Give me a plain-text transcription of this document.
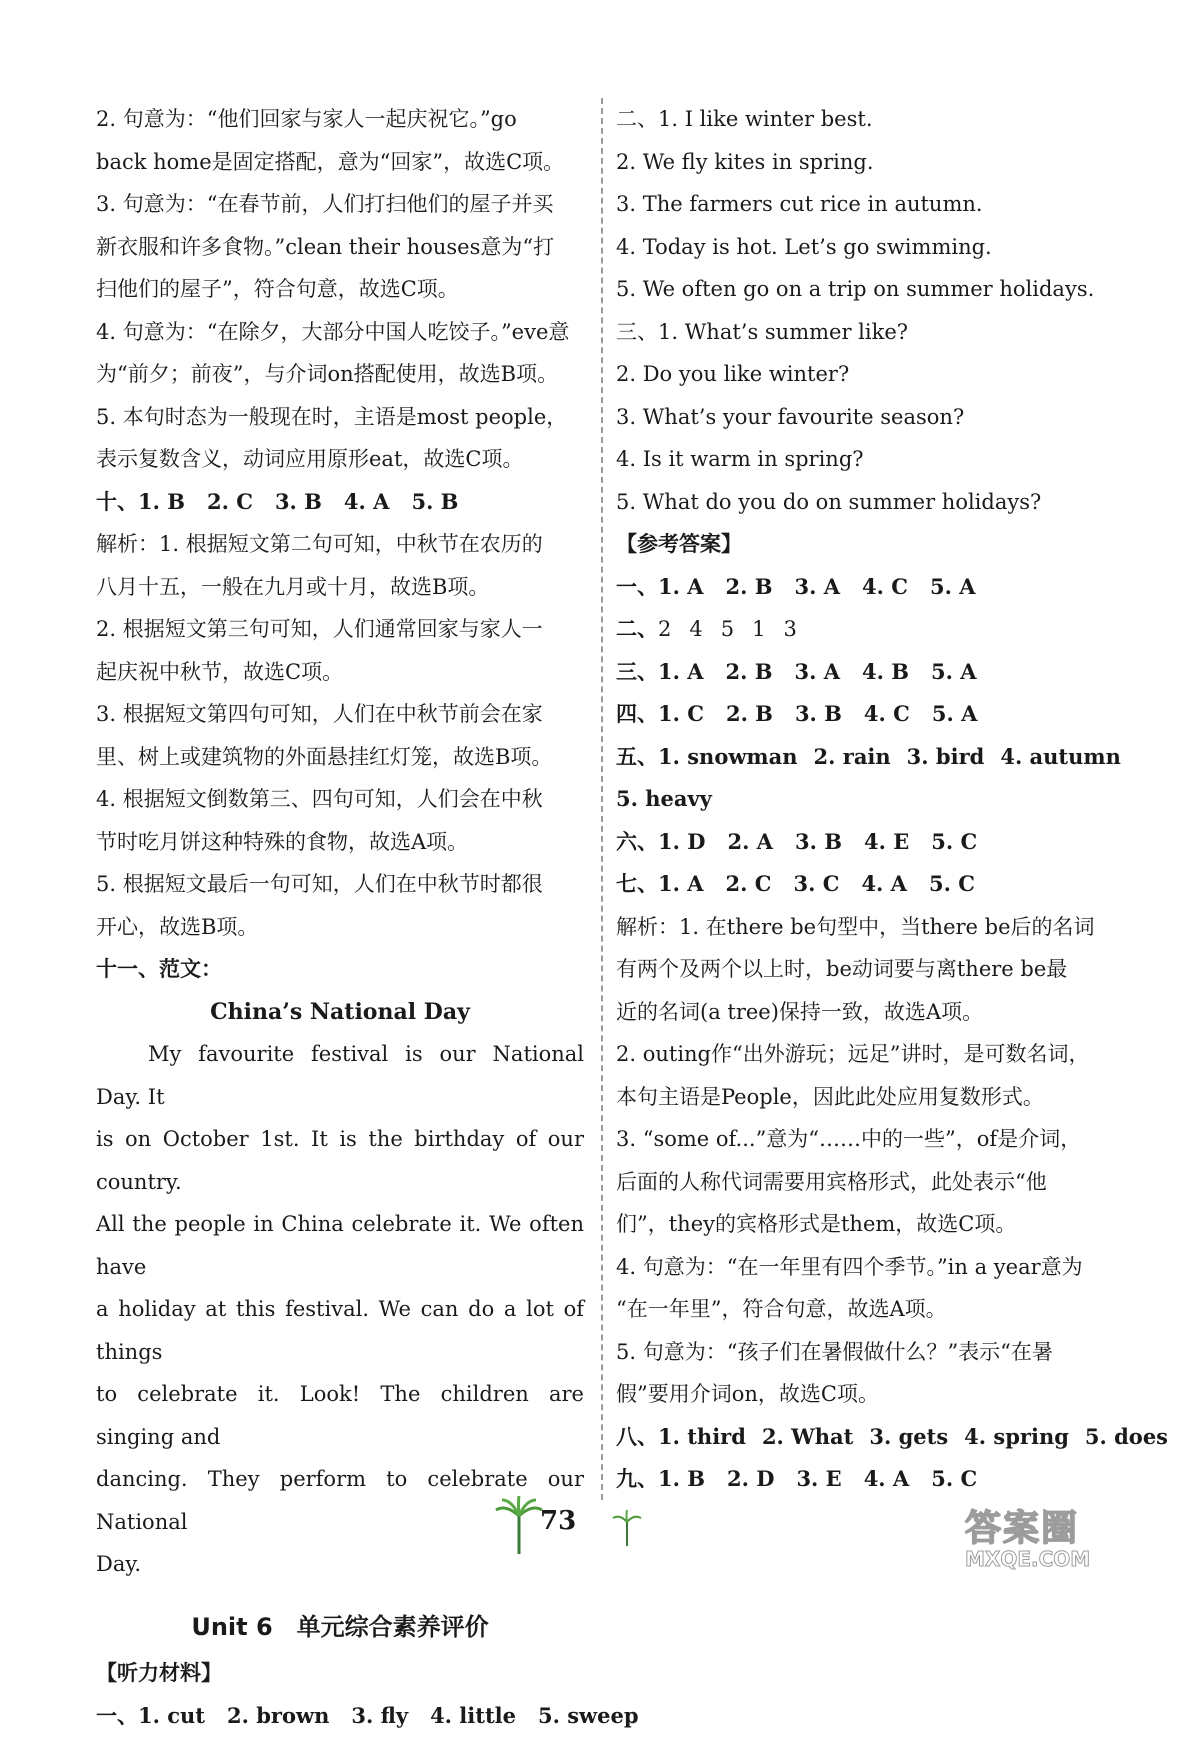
2. 句意为：“他们回家与家人一起庆祝它。”go
back home是固定搭配，意为“回家”，故选C项。
3. 句意为：“在春节前，人们打扫他们的屋子并买
新衣服和许多食物。”clean their houses意为“打
扫他们的屋子”，符合句意，故选C项。
4. 句意为：“在除夕，大部分中国人吃饺子。”eve意
为“前夕；前夜”，与介词on搭配使用，故选B项。
5. 本句时态为一般现在时，主语是most people，
表示复数含义，动词应用原形eat，故选C项。
十、1. B 2. C 3. B 4. A 5. B
解析：1. 根据短文第二句可知，中秋节在农历的
八月十五，一般在九月或十月，故选B项。
2. 根据短文第三句可知，人们通常回家与家人一
起庆祝中秋节，故选C项。
3. 根据短文第四句可知，人们在中秋节前会在家
里、树上或建筑物的外面悬挂红灯笼，故选B项。
4. 根据短文倒数第三、四句可知，人们会在中秋
节时吃月饼这种特殊的食物，故选A项。
5. 根据短文最后一句可知，人们在中秋节时都很
开心，故选B项。
十一、范文：
China’s National Day

My favourite festival is our National Day. It

is on October 1st. It is the birthday of our country.

All the people in China celebrate it. We often have

a holiday at this festival. We can do a lot of things

to celebrate it. Look! The children are singing and

dancing. They perform to celebrate our National

Day.

Unit 6　单元综合素养评价
【听力材料】
一、1. cut 2. brown 3. fly 4. little 5. sweep
二、1. I like winter best.
2. We fly kites in spring.
3. The farmers cut rice in autumn.
4. Today is hot. Let’s go swimming.
5. We often go on a trip on summer holidays.
三、1. What’s summer like?
2. Do you like winter?
3. What’s your favourite season?
4. Is it warm in spring?
5. What do you do on summer holidays?
【参考答案】
一、1. A 2. B 3. A 4. C 5. A
二、2 4 5 1 3
三、1. A 2. B 3. A 4. B 5. A
四、1. C 2. B 3. B 4. C 5. A
五、1. snowman 2. rain 3. bird 4. autumn
5. heavy
六、1. D 2. A 3. B 4. E 5. C
七、1. A 2. C 3. C 4. A 5. C
解析：1. 在there be句型中，当there be后的名词
有两个及两个以上时，be动词要与离there be最
近的名词(a tree)保持一致，故选A项。
2. outing作“出外游玩；远足”讲时，是可数名词，
本句主语是People，因此此处应用复数形式。
3. “some of...”意为“……中的一些”，of是介词，
后面的人称代词需要用宾格形式，此处表示“他
们”，they的宾格形式是them，故选C项。
4. 句意为：“在一年里有四个季节。”in a year意为
“在一年里”，符合句意，故选A项。
5. 句意为：“孩子们在暑假做什么？”表示“在暑
假”要用介词on，故选C项。
八、1. third 2. What 3. gets 4. spring 5. does
九、1. B 2. D 3. E 4. A 5. C
73	答案圈
MXQE.COM
